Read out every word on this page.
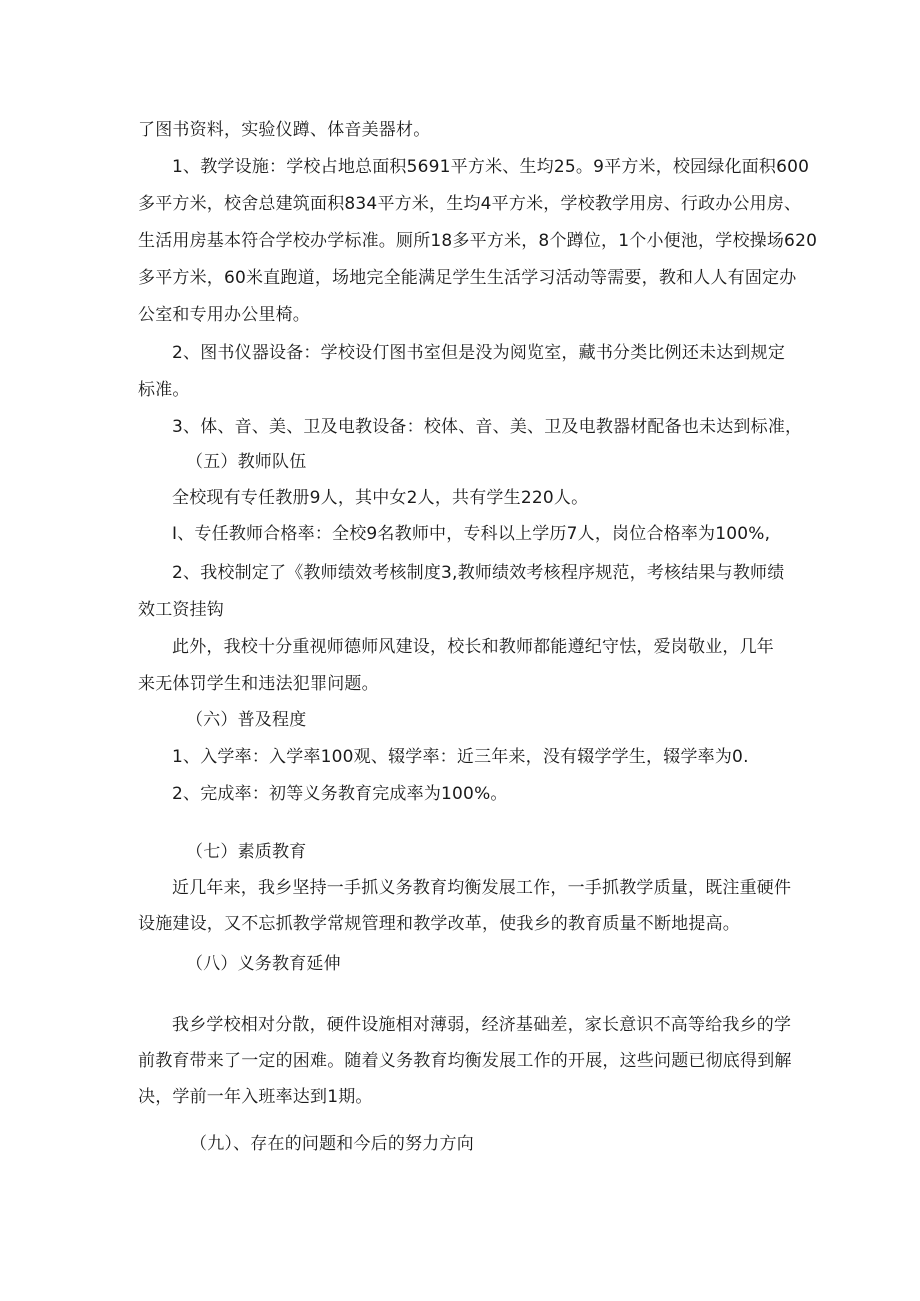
了图书资料，实验仪蹲、体音美器材。
1、教学设施：学校占地总面积5691平方米、生均25。9平方米，校园绿化面积600
多平方米，校舍总建筑面积834平方米，生均4平方米，学校教学用房、行政办公用房、
生活用房基本符合学校办学标准。厕所18多平方米，8个蹲位，1个小便池，学校操场620
多平方米，60米直跑道，场地完全能满足学生生活学习活动等需要，教和人人有固定办
公室和专用办公里椅。
2、图书仪器设备：学校设仃图书室但是没为阅览室，藏书分类比例还未达到规定
标准。
3、体、音、美、卫及电教设备：校体、音、美、卫及电教器材配备也未达到标准，
（五）教师队伍
全校现有专任教册9人，其中女2人，共有学生220人。
I、专任教师合格率：全校9名教师中，专科以上学历7人，岗位合格率为100%,
2、我校制定了《教师绩效考核制度3,教师绩效考核程序规范，考核结果与教师绩
效工资挂钩
此外，我校十分重视师德师风建设，校长和教师都能遵纪守怯，爱岗敬业，几年
来无体罚学生和违法犯罪问题。
（六）普及程度
1、入学率：入学率100观、辍学率：近三年来，没有辍学学生，辍学率为0.
2、完成率：初等义务教育完成率为100%。
（七）素质教育
近几年来，我乡坚持一手抓义务教育均衡发展工作，一手抓教学质量，既注重硬件
设施建设，又不忘抓教学常规管理和教学改革，使我乡的教育质量不断地提高。
（八）义务教育延伸
我乡学校相对分散，硬件设施相对薄弱，经济基础差，家长意识不高等给我乡的学
前教育带来了一定的困难。随着义务教育均衡发展工作的开展，这些问题已彻底得到解
决，学前一年入班率达到1期。
（九）、存在的问题和今后的努力方向
